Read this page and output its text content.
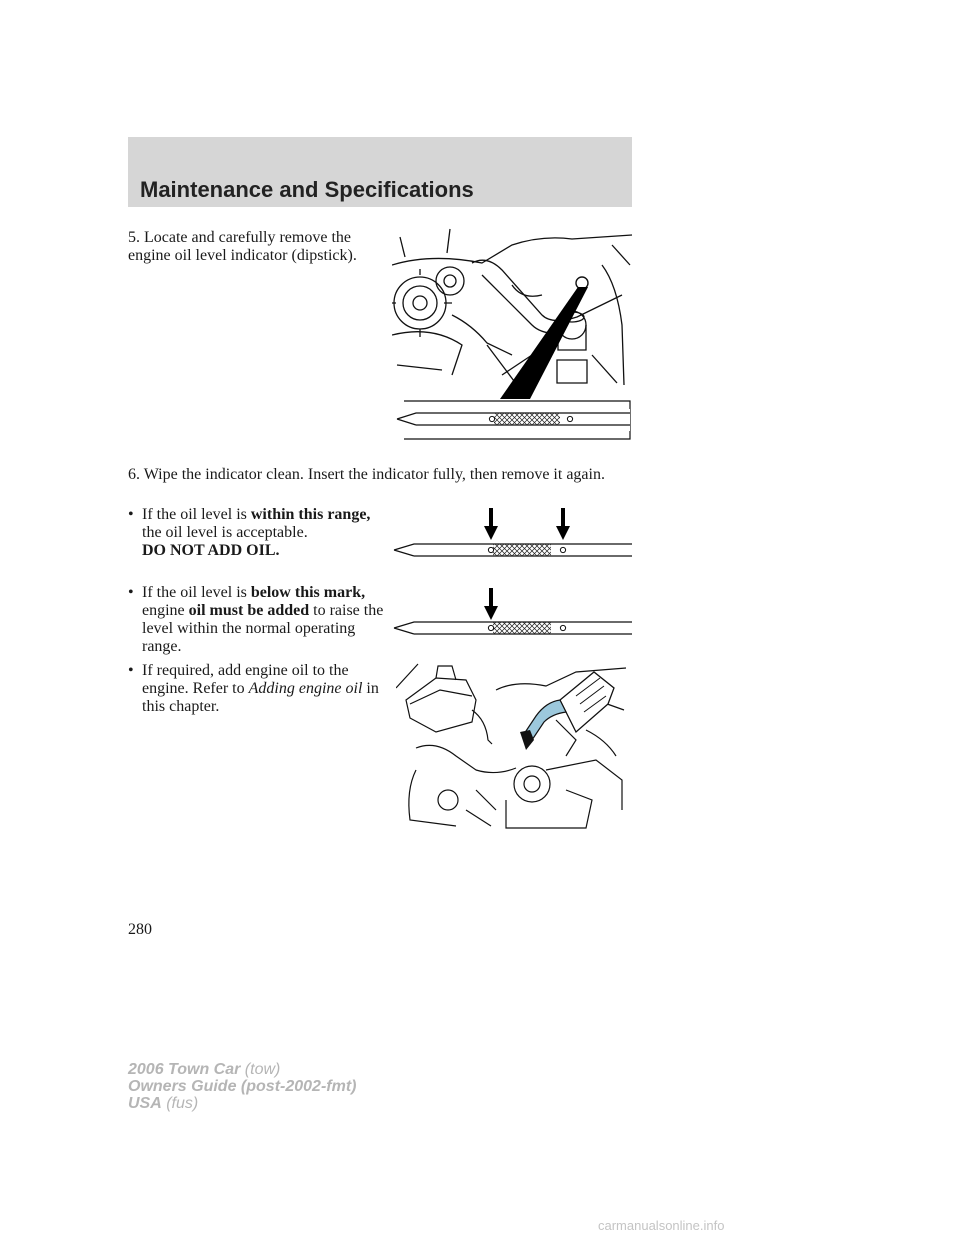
Maintenance and Specifications
5. Locate and carefully remove the engine oil level indicator (dipstick).
6. Wipe the indicator clean. Insert the indicator fully, then remove it again.
• If the oil level is within this range, the oil level is acceptable.
DO NOT ADD OIL.
• If the oil level is below this mark, engine oil must be added to raise the level within the normal operating range.
• If required, add engine oil to the engine. Refer to Adding engine oil in this chapter.
280
2006 Town Car (tow)
Owners Guide (post-2002-fmt)
USA (fus)
carmanualsonline.info
